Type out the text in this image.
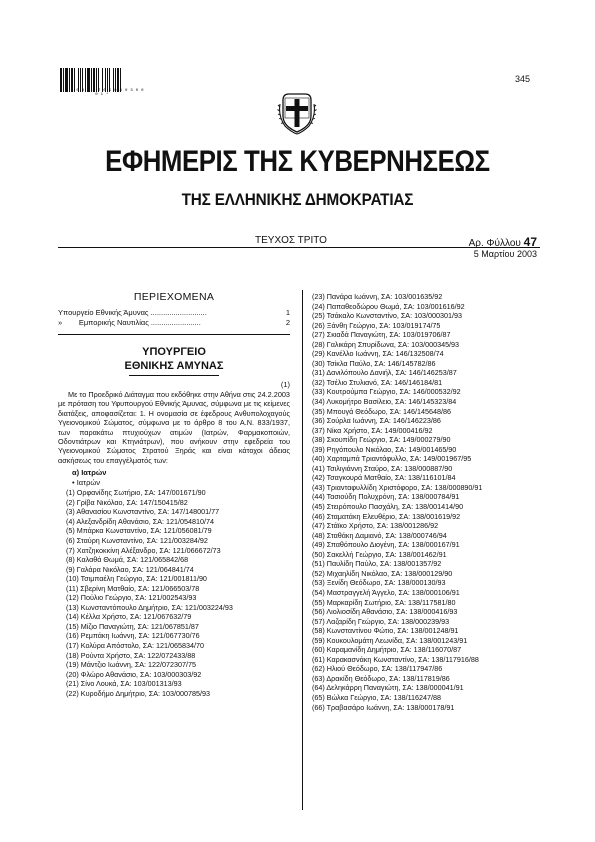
* 0 3 0 0 0 4 7 0 5 0 3 0 3 0 0 0 1 *
345
ΕΦΗΜΕΡΙΣ ΤΗΣ ΚΥΒΕΡΝΗΣΕΩΣ
ΤΗΣ ΕΛΛΗΝΙΚΗΣ ΔΗΜΟΚΡΑΤΙΑΣ
ΤΕΥΧΟΣ ΤΡΙΤΟ	Αρ. Φύλλου 47
5 Μαρτίου 2003
ΠΕΡΙΕΧΟΜΕΝΑ
Υπουργείο Εθνικής Άμυνας ...........................	1
»        Εμπορικής Ναυτιλίας ........................	2
ΥΠΟΥΡΓΕΙΟ
ΕΘΝΙΚΗΣ ΑΜΥΝΑΣ
(1)

Με το Προεδρικό Διάταγμα που εκδόθηκε στην Αθήνα στις 24.2.2003 με πρόταση του Υφυπουργού Εθνικής Άμυνας, σύμφωνα με τις κείμενες διατάξεις, αποφασίζεται: 1. Η ονομασία σε έφεδρους Ανθυπολοχαγούς Υγειονομικού Σώματος, σύμφωνα με το άρθρο 8 του Α.Ν. 833/1937, των παρακάτω πτυχιούχων ατιμών (Ιατρών, Φαρμακοποιών, Οδοντιάτρων και Κτηνιάτρων), που ανήκουν στην εφεδρεία του Υγειονομικού Σώματος Στρατού Ξηράς και είναι κάτοχοι άδειας ασκήσεως του επαγγέλματός των:

α) Ιατρών
• Ιατρών
(1) Ορφανίδης Σωτήριο, ΣΑ: 147/001671/90
(2) Γρίβα Νικόλαο, ΣΑ: 147/150415/82
(3) Αθανασίου Κωνσταντίνο, ΣΑ: 147/148001/77
(4) Αλεξανδρίδη Αθανάσιο, ΣΑ: 121/054810/74
(5) Μπάρκα Κωνσταντίνο, ΣΑ: 121/056081/79
(6) Σταύρη Κωνσταντίνο, ΣΑ: 121/003284/92
(7) Χατζηκοκκίνη Αλέξανδρο, ΣΑ: 121/066672/73
(8) Καλαθά Θωμά, ΣΑ: 121/065842/68
(9) Γαλάρα Νικόλαο, ΣΑ: 121/064841/74
(10) Τσιμπαέλη Γεώργιο, ΣΑ: 121/001811/90
(11) Σβερίνη Ματθαίο, ΣΑ: 121/066503/78
(12) Πούλιο Γεώργιο, ΣΑ: 121/002543/93
(13) Κωνσταντόπουλο Δημήτριο, ΣΑ: 121/003224/93
(14) Κέλλα Χρήστο, ΣΑ: 121/067632/79
(15) Μίζιο Παναγιώτη, ΣΑ: 121/067851/87
(16) Ρεμπάκη Ιωάννη, ΣΑ: 121/067730/76
(17) Κολύρα Απόστολο, ΣΑ: 121/065834/70
(18) Ρούντα Χρήστο, ΣΑ: 122/072433/88
(19) Μάντζιο Ιωάννη, ΣΑ: 122/072307/75
(20) Φλώρο Αθανάσιο, ΣΑ: 103/000303/92
(21) Σίνο Λουκά, ΣΑ: 103/001313/93
(22) Κυροδήμο Δημήτριο, ΣΑ: 103/000785/93
(23) Πανάρα Ιωάννη, ΣΑ: 103/001635/92
(24) Παπαθεοδώρου Θωμά, ΣΑ: 103/001616/92
(25) Τσάκαλο Κωνσταντίνο, ΣΑ: 103/000301/93
(26) Ξάνθη Γεώργιο, ΣΑ: 103/019174/75
(27) Σκιαδά Παναγιώτη, ΣΑ: 103/019706/87
(28) Γαλικάρη Σπυρίδωνα, ΣΑ: 103/000345/93
(29) Κανέλλο Ιωάννη, ΣΑ: 146/132508/74
(30) Τσίκλα Παύλο, ΣΑ: 146/145782/86
(31) Δανιλόπουλο Δανιήλ, ΣΑ: 146/146253/87
(32) Τσέλιο Στυλιανό, ΣΑ: 146/146184/81
(33) Κουτρούμπα Γεώργιο, ΣΑ: 146/000532/92
(34) Λυκομήτρο Βασίλειο, ΣΑ: 146/145323/84
(35) Μπουγά Θεόδωρο, ΣΑ: 146/145648/86
(36) Σούρλα Ιωάννη, ΣΑ: 146/146223/86
(37) Νίκα Χρήστο, ΣΑ: 149/000416/92
(38) Σκουπίδη Γεώργιο, ΣΑ: 149/000279/90
(39) Ρηγόπουλο Νικόλαο, ΣΑ: 149/001465/90
(40) Χαρταμπά Τριαντάφυλλο, ΣΑ: 149/001967/95
(41) Τσιλιγιάννη Σταύρο, ΣΑ: 138/000887/90
(42) Τσαγκουρά Ματθαίο, ΣΑ: 138/116101/84
(43) Τριανταφυλλίδη Χριστόφορο, ΣΑ: 138/000890/91
(44) Τασιούδη Πολυχρόνη, ΣΑ: 138/000784/91
(45) Στειρόπουλο Πασχάλη, ΣΑ: 138/001414/90
(46) Σταματάκη Ελευθέριο, ΣΑ: 138/001619/92
(47) Στάϊκο Χρήστο, ΣΑ: 138/001286/92
(48) Σταθάκη Δαμιανό, ΣΑ: 138/000746/94
(49) Σπαθόπουλο Διογένη, ΣΑ: 138/000167/91
(50) Σακελλή Γεώργιο, ΣΑ: 138/001462/91
(51) Παυλίδη Παύλο, ΣΑ: 138/001357/92
(52) Μιχαηλίδη Νικόλαο, ΣΑ: 138/000129/90
(53) Ξενίδη Θεόδωρο, ΣΑ: 138/000130/93
(54) Μαστραγγελή Άγγελο, ΣΑ: 138/000106/91
(55) Μαρκαρίδη Σωτήριο, ΣΑ: 138/117581/80
(56) Λιολιοσίδη Αθανάσιο, ΣΑ: 138/000416/93
(57) Λαζαρίδη Γεώργιο, ΣΑ: 138/000239/93
(58) Κωνσταντίνου Φώτιο, ΣΑ: 138/001248/91
(59) Κουκουλομάτη Λεωνίδα, ΣΑ: 138/001243/91
(60) Καραμανίδη Δημήτριο, ΣΑ: 138/116070/87
(61) Καρακασνάκη Κωνσταντίνο, ΣΑ: 138/117916/88
(62) Ηλιού Θεόδωρο, ΣΑ: 138/117947/86
(63) Δρακίδη Θεόδωρο, ΣΑ: 138/117819/86
(64) Δεληκάρρη Παναγιώτη, ΣΑ: 138/000041/91
(65) Βώλκα Γεώργιο, ΣΑ: 138/116247/88
(66) Τραβασάρο Ιωάννη, ΣΑ: 138/000178/91
